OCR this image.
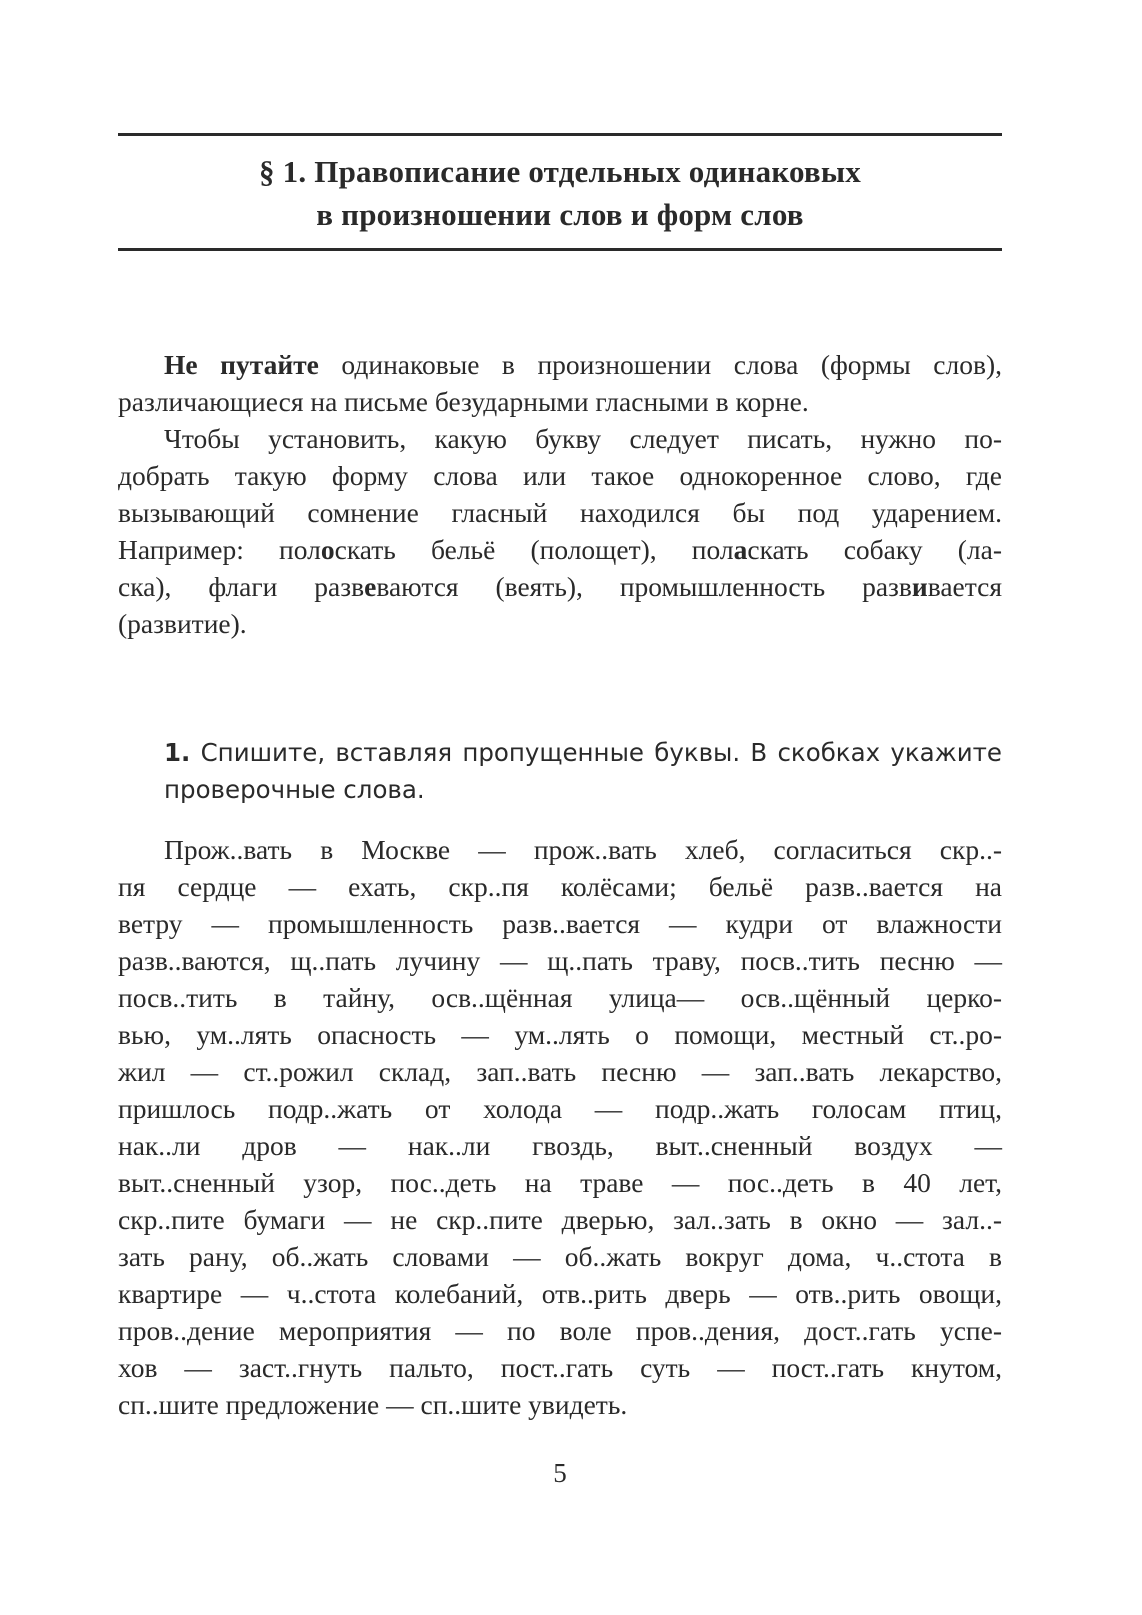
§ 1. Правописание отдельных одинаковых
в произношении слов и форм слов

Не путайте одинаковые в произношении слова (формы слов), различающиеся на письме безударными гласными в корне.

Чтобы установить, какую букву следует писать, нужно по-
добрать такую форму слова или такое однокоренное слово, где
вызывающий сомнение гласный находился бы под ударением.
Например: полоскать бельё (полощет), поласкать собаку (ла-
ска), флаги развеваются (веять), промышленность развивается
(развитие).
1. Спишите, вставляя пропущенные буквы. В скобках укажите
проверочные слова.
Прож..вать в Москве — прож..вать хлеб, согласиться скр..-
пя сердце — ехать, скр..пя колёсами; бельё разв..вается на
ветру — промышленность разв..вается — кудри от влажности
разв..ваются, щ..пать лучину — щ..пать траву, посв..тить песню —
посв..тить в тайну, осв..щённая улица— осв..щённый церко-
вью, ум..лять опасность — ум..лять о помощи, местный ст..ро-
жил — ст..рожил склад, зап..вать песню — зап..вать лекарство,
пришлось подр..жать от холода — подр..жать голосам птиц,
нак..ли дров — нак..ли гвоздь, выт..сненный воздух —
выт..сненный узор, пос..деть на траве — пос..деть в 40 лет,
скр..пите бумаги — не скр..пите дверью, зал..зать в окно — зал..-
зать рану, об..жать словами — об..жать вокруг дома, ч..стота в
квартире — ч..стота колебаний, отв..рить дверь — отв..рить овощи,
пров..дение мероприятия — по воле пров..дения, дост..гать успе-
хов — заст..гнуть пальто, пост..гать суть — пост..гать кнутом,
сп..шите предложение — сп..шите увидеть.
5
